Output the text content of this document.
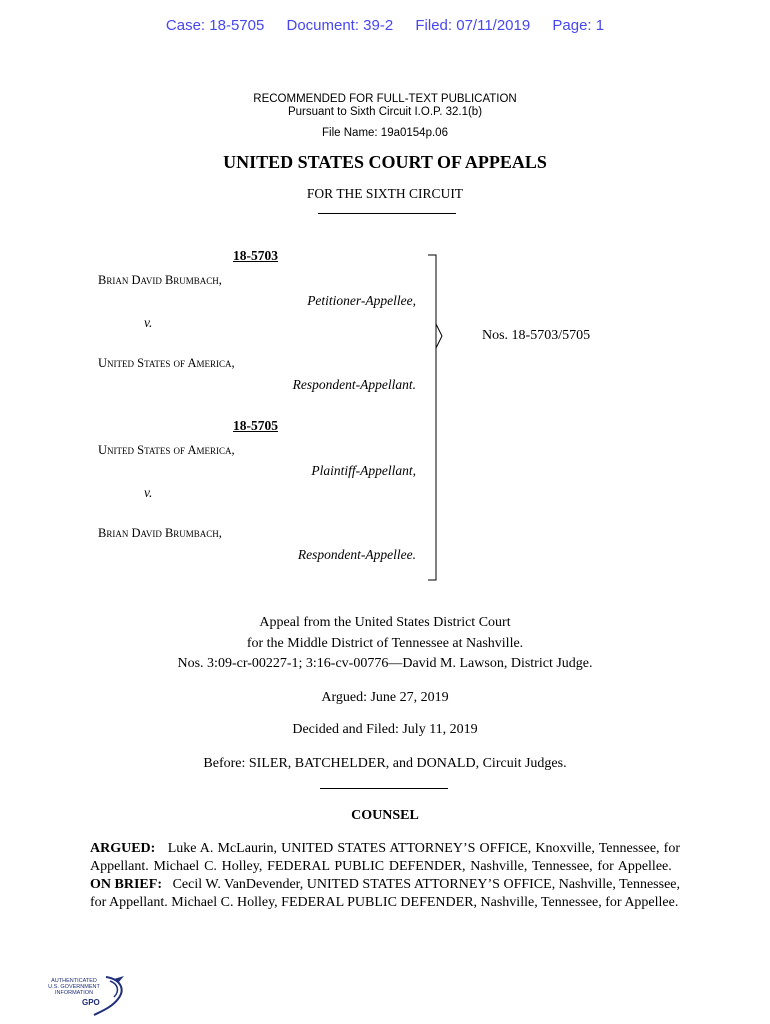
Case: 18-5705 Document: 39-2 Filed: 07/11/2019 Page: 1
RECOMMENDED FOR FULL-TEXT PUBLICATION
Pursuant to Sixth Circuit I.O.P. 32.1(b)
File Name: 19a0154p.06
UNITED STATES COURT OF APPEALS
FOR THE SIXTH CIRCUIT
18-5703
Brian David Brumbach,
Petitioner-Appellee,
v.
United States of America,
Respondent-Appellant.
18-5705
United States of America,
Plaintiff-Appellant,
v.
Brian David Brumbach,
Respondent-Appellee.
Nos. 18-5703/5705
Appeal from the United States District Court
for the Middle District of Tennessee at Nashville.
Nos. 3:09-cr-00227-1; 3:16-cv-00776—David M. Lawson, District Judge.
Argued: June 27, 2019
Decided and Filed: July 11, 2019
Before: SILER, BATCHELDER, and DONALD, Circuit Judges.
COUNSEL
ARGUED: Luke A. McLaurin, UNITED STATES ATTORNEY’S OFFICE, Knoxville, Tennessee, for Appellant. Michael C. Holley, FEDERAL PUBLIC DEFENDER, Nashville, Tennessee, for Appellee.   ON BRIEF: Cecil W. VanDevender, UNITED STATES ATTORNEY’S OFFICE, Nashville, Tennessee, for Appellant. Michael C. Holley, FEDERAL PUBLIC DEFENDER, Nashville, Tennessee, for Appellee.
AUTHENTICATED
U.S. GOVERNMENT
INFORMATION
GPO
